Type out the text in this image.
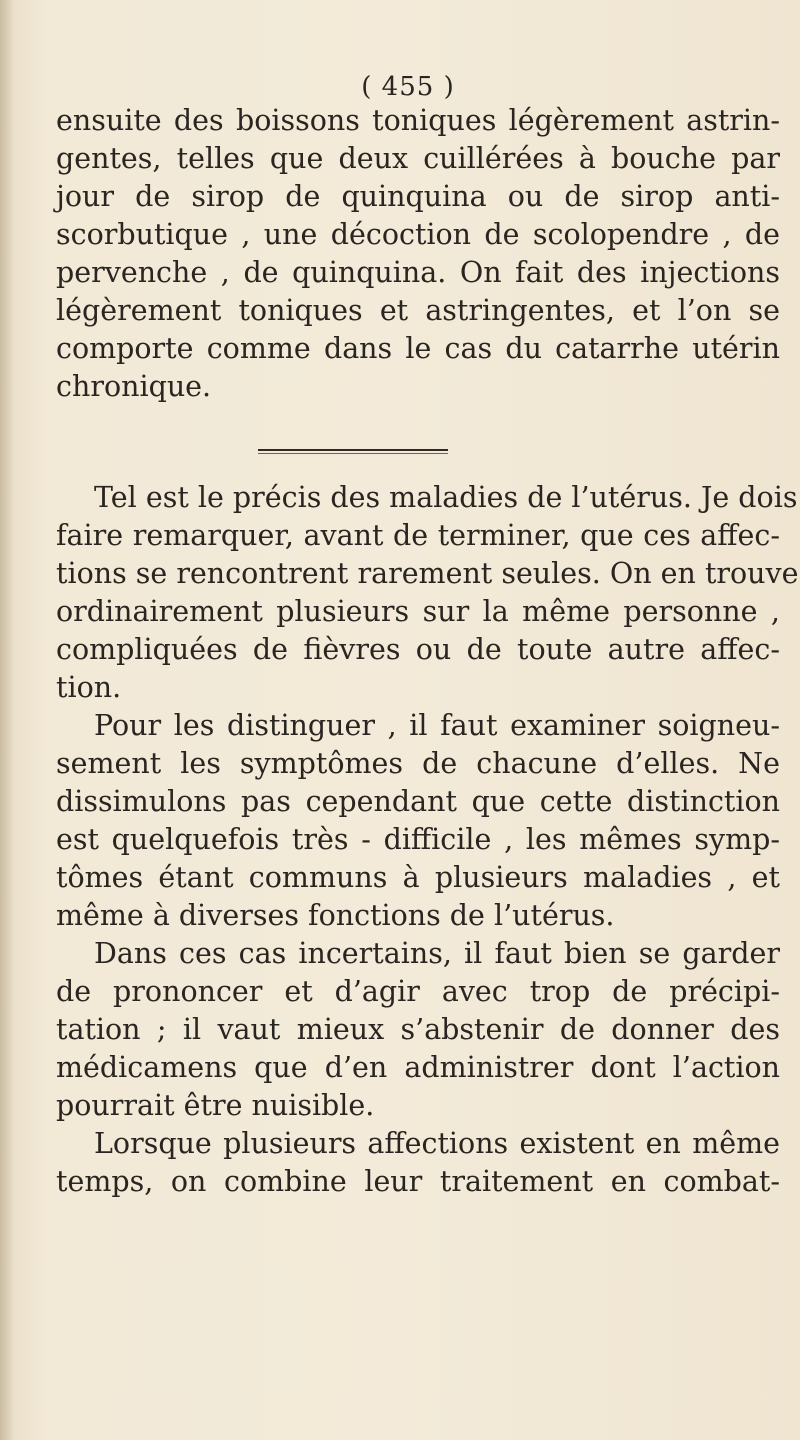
( 455 )
ensuite des boissons toniques légèrement astrin-
gentes, telles que deux cuillérées à bouche par
jour de sirop de quinquina ou de sirop anti-
scorbutique , une décoction de scolopendre , de
pervenche , de quinquina. On fait des injections
légèrement toniques et astringentes, et l’on se
comporte comme dans le cas du catarrhe utérin
chronique.
Tel est le précis des maladies de l’utérus. Je dois
faire remarquer, avant de terminer, que ces affec-
tions se rencontrent rarement seules. On en trouve
ordinairement plusieurs sur la même personne ,
compliquées de fièvres ou de toute autre affec-
tion.
Pour les distinguer , il faut examiner soigneu-
sement les symptômes de chacune d’elles. Ne
dissimulons pas cependant que cette distinction
est quelquefois très - difficile , les mêmes symp-
tômes étant communs à plusieurs maladies , et
même à diverses fonctions de l’utérus.
Dans ces cas incertains, il faut bien se garder
de prononcer et d’agir avec trop de précipi-
tation ; il vaut mieux s’abstenir de donner des
médicamens que d’en administrer dont l’action
pourrait être nuisible.
Lorsque plusieurs affections existent en même
temps, on combine leur traitement en combat-
